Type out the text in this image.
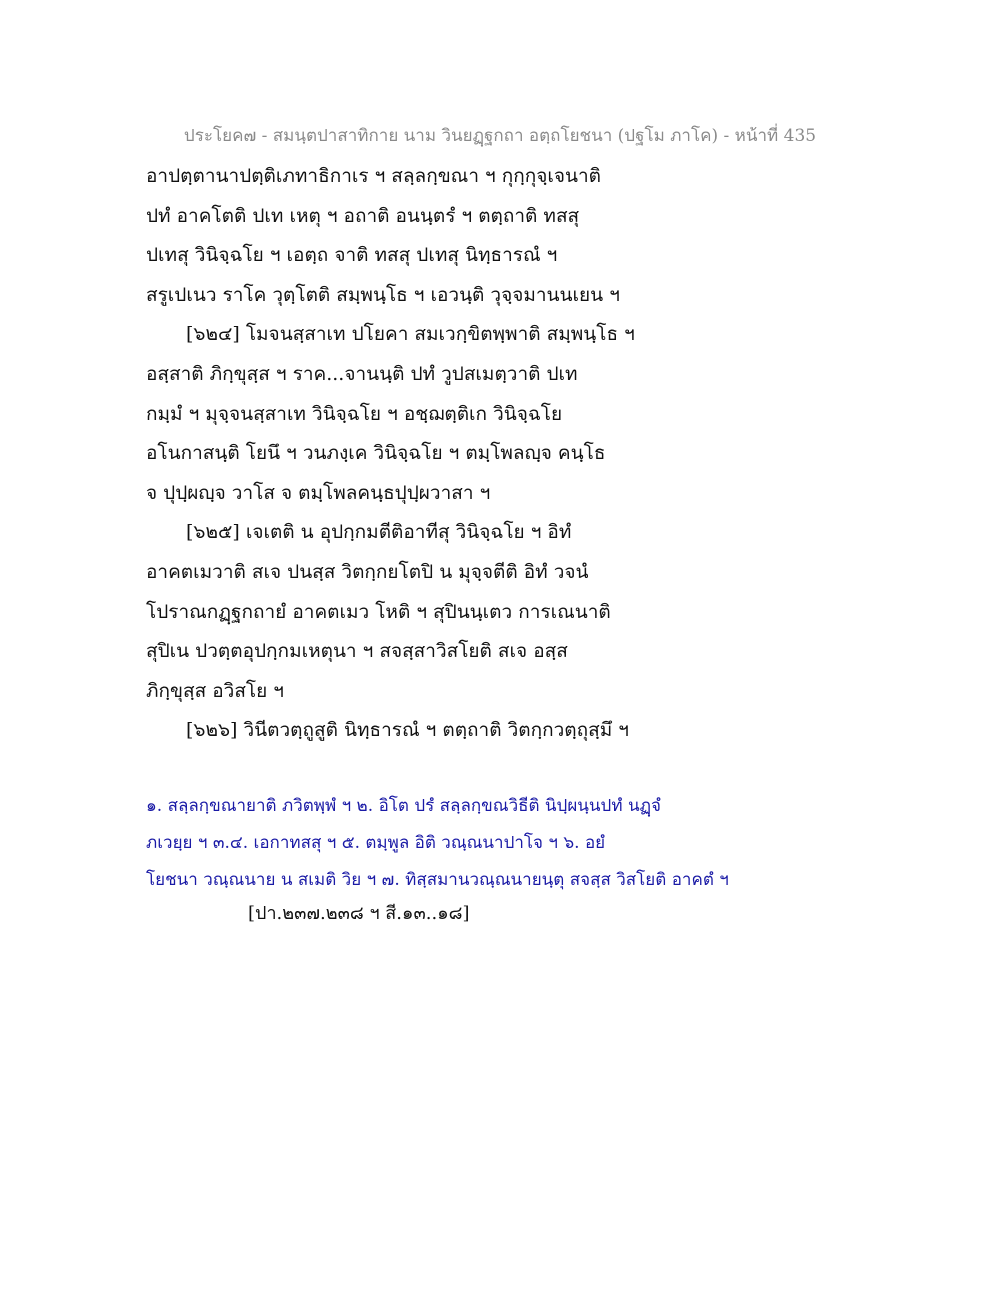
ประโยค๗ - สมนฺตปาสาทิกาย นาม วินยฏฺฐกถา อตฺถโยชนา (ปฐโม ภาโค) - หน้าที่ 435
อาปตฺตานาปตฺติเภทาธิกาเร ฯ สลฺลกฺขณา ฯ กุกฺกุจฺเจนาติ
ปทํ อาคโตติ ปเท เหตุ ฯ อถาติ อนนฺตรํ ฯ ตตฺถาติ ทสสุ
ปเทสุ วินิจฺฉโย ฯ เอตฺถ จาติ ทสสุ ปเทสุ นิทฺธารณํ ฯ
สรูเปเนว ราโค วุตฺโตติ สมฺพนฺโธ ฯ เอวนฺติ วุจฺจมานนเยน ฯ
[๖๒๔] โมจนสฺสาเท ปโยคา สมเวกฺขิตพฺพาติ สมฺพนฺโธ ฯ
อสฺสาติ ภิกฺขุสฺส ฯ ราค...จานนฺติ ปทํ วูปสเมตฺวาติ ปเท
กมฺมํ ฯ มุจฺจนสฺสาเท วินิจฺฉโย ฯ อชฺฌตฺติเก วินิจฺฉโย
อโนกาสนฺติ โยนึ ฯ วนภงฺเค วินิจฺฉโย ฯ ตมฺโพลญฺจ คนฺโธ
จ ปุปฺผญฺจ วาโส จ ตมฺโพลคนฺธปุปฺผวาสา ฯ
[๖๒๕] เจเตติ น อุปกฺกมตีติอาทีสุ วินิจฺฉโย ฯ อิทํ
อาคตเมวาติ สเจ ปนสฺส วิตกฺกยโตปิ น มุจฺจตีติ อิทํ วจนํ
โปราณกฏฺฐกถายํ อาคตเมว โหติ ฯ สุปินนฺเตว การเณนาติ
สุปิเน ปวตฺตอุปกฺกมเหตุนา ฯ สจสฺสาวิสโยติ สเจ อสฺส
ภิกฺขุสฺส อวิสโย ฯ
[๖๒๖] วินีตวตฺถูสูติ นิทฺธารณํ ฯ ตตฺถาติ วิตกฺกวตฺถุสฺมึ ฯ
๑. สลฺลกฺขณายาติ ภวิตพฺพํ ฯ ๒. อิโต ปรํ สลฺลกฺขณวิธีติ นิปฺผนฺนปทํ นฏฺจํ
ภเวยฺย ฯ ๓.๔. เอกาทสสุ ฯ ๕. ตมฺพูล อิติ วณฺณนาปาโจ ฯ ๖. อยํ
โยชนา วณฺณนาย น สเมติ วิย ฯ ๗. ทิสฺสมานวณฺณนายนฺตุ สจสฺส วิสโยติ อาคตํ ฯ
[ปา.๒๓๗.๒๓๘ ฯ สี.๑๓..๑๘]
